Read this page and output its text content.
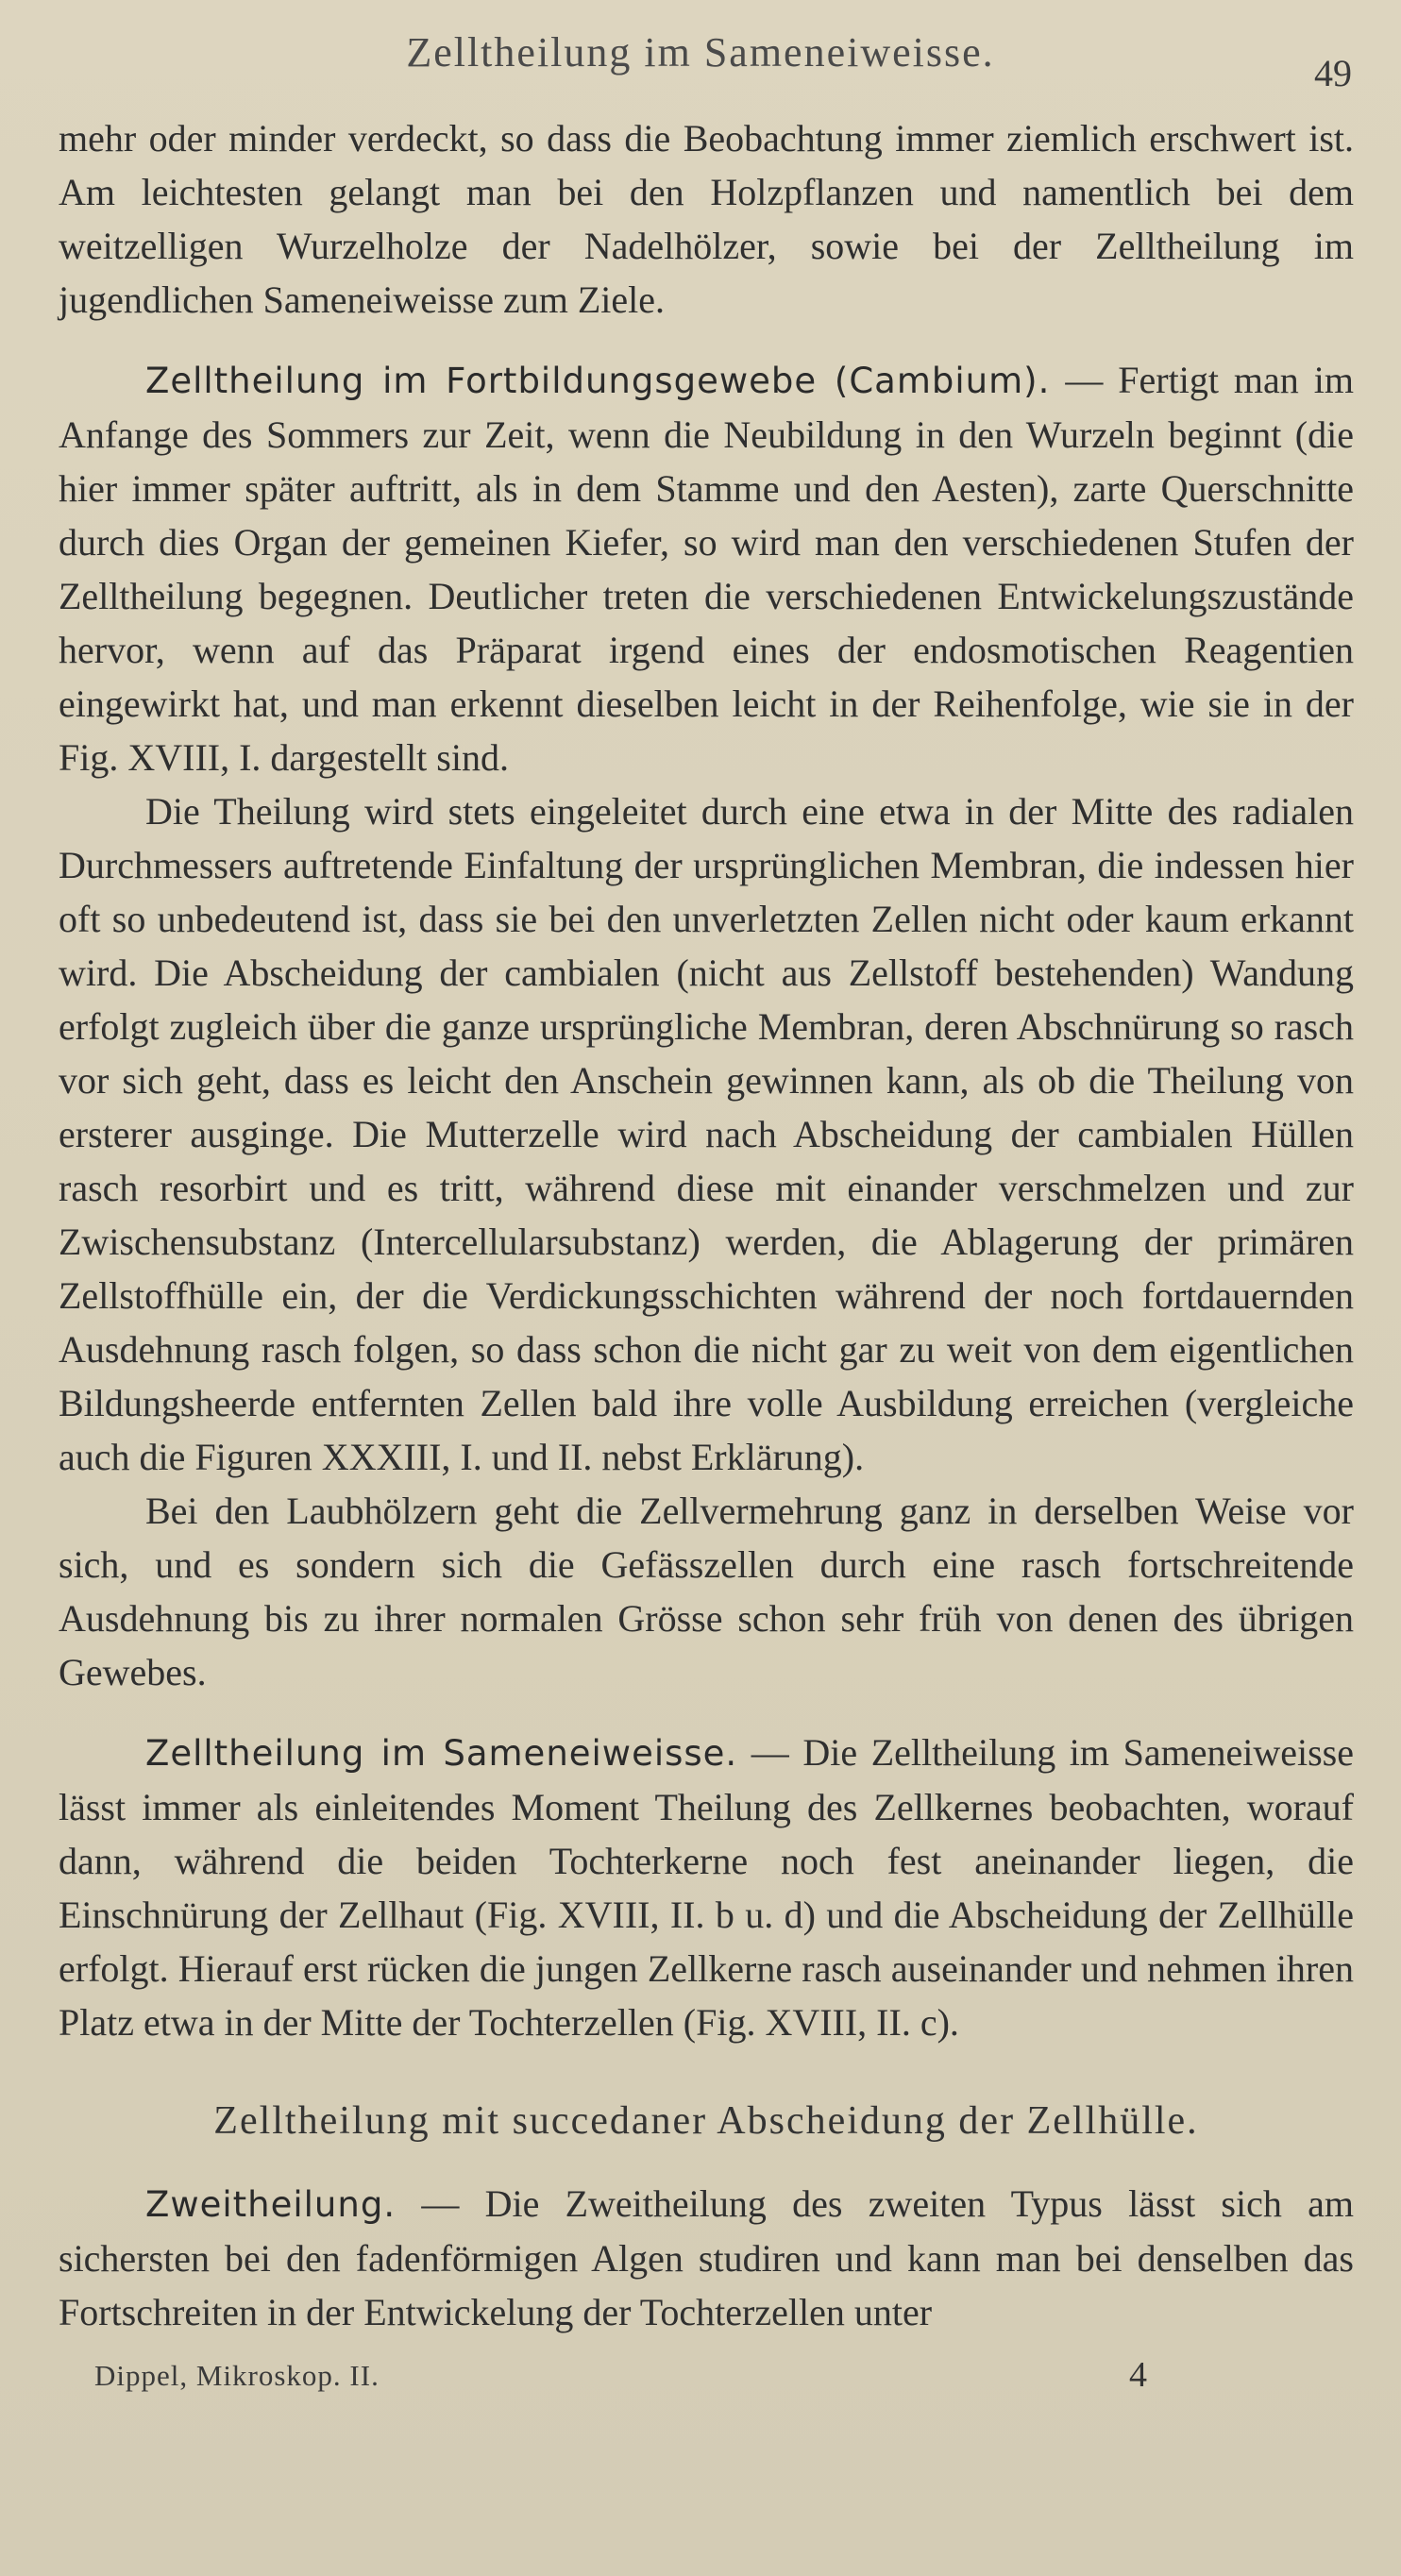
Zelltheilung im Sameneiweisse.	49

mehr oder minder verdeckt, so dass die Beobachtung immer ziemlich erschwert ist. Am leichtesten gelangt man bei den Holzpflanzen und namentlich bei dem weitzelligen Wurzelholze der Nadelhölzer, sowie bei der Zelltheilung im jugendlichen Sameneiweisse zum Ziele.

Zelltheilung im Fortbildungsgewebe (Cambium). — Fertigt man im Anfange des Sommers zur Zeit, wenn die Neubildung in den Wurzeln beginnt (die hier immer später auftritt, als in dem Stamme und den Aesten), zarte Querschnitte durch dies Organ der gemeinen Kiefer, so wird man den verschiedenen Stufen der Zelltheilung begegnen. Deutlicher treten die verschiedenen Entwickelungszustände hervor, wenn auf das Präparat irgend eines der endosmotischen Reagentien eingewirkt hat, und man erkennt dieselben leicht in der Reihenfolge, wie sie in der Fig. XVIII, I. dargestellt sind.

Die Theilung wird stets eingeleitet durch eine etwa in der Mitte des radialen Durchmessers auftretende Einfaltung der ursprünglichen Membran, die indessen hier oft so unbedeutend ist, dass sie bei den unverletzten Zellen nicht oder kaum erkannt wird. Die Abscheidung der cambialen (nicht aus Zellstoff bestehenden) Wandung erfolgt zugleich über die ganze ursprüngliche Membran, deren Abschnürung so rasch vor sich geht, dass es leicht den Anschein gewinnen kann, als ob die Theilung von ersterer ausginge. Die Mutterzelle wird nach Abscheidung der cambialen Hüllen rasch resorbirt und es tritt, während diese mit einander verschmelzen und zur Zwischensubstanz (Intercellularsubstanz) werden, die Ablagerung der primären Zellstoffhülle ein, der die Verdickungsschichten während der noch fortdauernden Ausdehnung rasch folgen, so dass schon die nicht gar zu weit von dem eigentlichen Bildungsheerde entfernten Zellen bald ihre volle Ausbildung erreichen (vergleiche auch die Figuren XXXIII, I. und II. nebst Erklärung).

Bei den Laubhölzern geht die Zellvermehrung ganz in derselben Weise vor sich, und es sondern sich die Gefässzellen durch eine rasch fortschreitende Ausdehnung bis zu ihrer normalen Grösse schon sehr früh von denen des übrigen Gewebes.

Zelltheilung im Sameneiweisse. — Die Zelltheilung im Sameneiweisse lässt immer als einleitendes Moment Theilung des Zellkernes beobachten, worauf dann, während die beiden Tochterkerne noch fest aneinander liegen, die Einschnürung der Zellhaut (Fig. XVIII, II. b u. d) und die Abscheidung der Zellhülle erfolgt. Hierauf erst rücken die jungen Zellkerne rasch auseinander und nehmen ihren Platz etwa in der Mitte der Tochterzellen (Fig. XVIII, II. c).

Zelltheilung mit succedaner Abscheidung der Zellhülle.

Zweitheilung. — Die Zweitheilung des zweiten Typus lässt sich am sichersten bei den fadenförmigen Algen studiren und kann man bei denselben das Fortschreiten in der Entwickelung der Tochterzellen unter

Dippel, Mikroskop. II.	4
